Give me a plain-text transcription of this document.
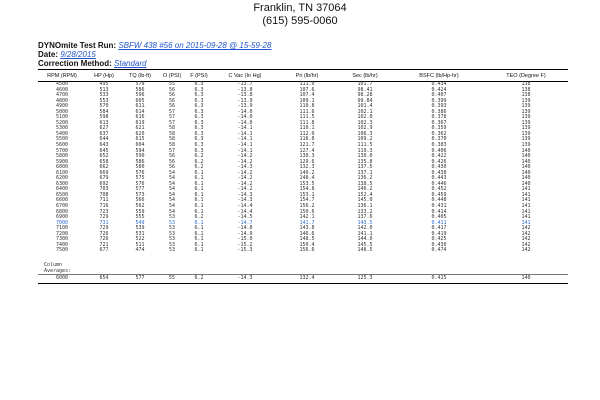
Franklin, TN 37064
(615) 595-0060
DYNOmite Test Run: SBFW 438 #56 on 2015-09-28 @ 15-59-28
Date: 9/28/2015
Correction Method: Standard
RPM (RPM)	HP (Hp)	TQ (lb-ft)	O (PSI)	F (PSI)	C Vac (In Hg)	Pri (lb/hr)	Sec (lb/hr)	BSFC (lb/Hp-hr)	TEO (Degree F)
4500	495	579	55	6.3	-13.7	111.0	101.7	0.434	138
4600	513	586	56	6.3	-13.8	107.6	98.41	0.424	138
4700	533	596	56	6.3	-13.8	107.4	98.28	0.407	138
4800	553	605	56	6.3	-13.9	109.1	99.84	0.399	139
4900	570	611	56	6.3	-13.9	110.8	101.4	0.393	139
5000	584	614	57	6.3	-14.0	111.6	102.1	0.386	139
5100	598	616	57	6.3	-14.0	111.5	102.0	0.378	139
5200	613	619	57	6.3	-14.0	111.8	102.3	0.367	139
5300	627	621	58	6.3	-14.1	110.1	102.9	0.359	139
5400	637	620	58	6.3	-14.1	112.0	106.3	0.362	139
5500	644	615	58	6.3	-14.1	116.8	109.2	0.370	139
5600	643	604	58	6.3	-14.1	121.7	111.5	0.383	139
5700	645	594	57	6.3	-14.1	127.4	119.3	0.406	140
5800	652	590	56	6.2	-14.2	130.3	130.0	0.422	140
5900	658	586	56	6.2	-14.2	129.6	135.8	0.426	140
6000	662	580	56	6.2	-14.3	132.3	137.5	0.430	140
6100	669	576	54	6.1	-14.2	140.2	137.1	0.438	140
6200	679	575	54	6.1	-14.2	148.4	136.2	0.443	140
6300	692	576	54	6.1	-14.2	153.5	138.5	0.446	140
6400	703	577	54	6.1	-14.2	154.8	146.2	0.452	141
6500	708	573	54	6.1	-14.3	153.1	152.4	0.459	141
6600	711	566	54	6.1	-14.3	154.7	145.0	0.448	141
6700	716	562	54	6.1	-14.4	156.2	136.1	0.431	141
6800	723	559	54	6.1	-14.4	150.6	133.2	0.414	141
6900	729	555	53	6.2	-14.5	142.1	137.6	0.405	141
7000	731	549	53	6.1	-14.7	141.7	143.5	0.411	141
7100	729	539	53	6.1	-14.8	143.8	142.0	0.417	142
7200	726	531	53	6.1	-14.9	146.6	141.1	0.419	142
7300	726	522	53	6.1	-15.0	148.5	144.0	0.425	142
7400	721	511	53	6.1	-15.2	150.4	145.5	0.430	142
7500	677	474	53	6.1	-15.3	156.6	148.5	0.474	142

Column									
Averages:									
6000	654	577	55	6.2	-14.3	132.4	125.3	0.415	140
